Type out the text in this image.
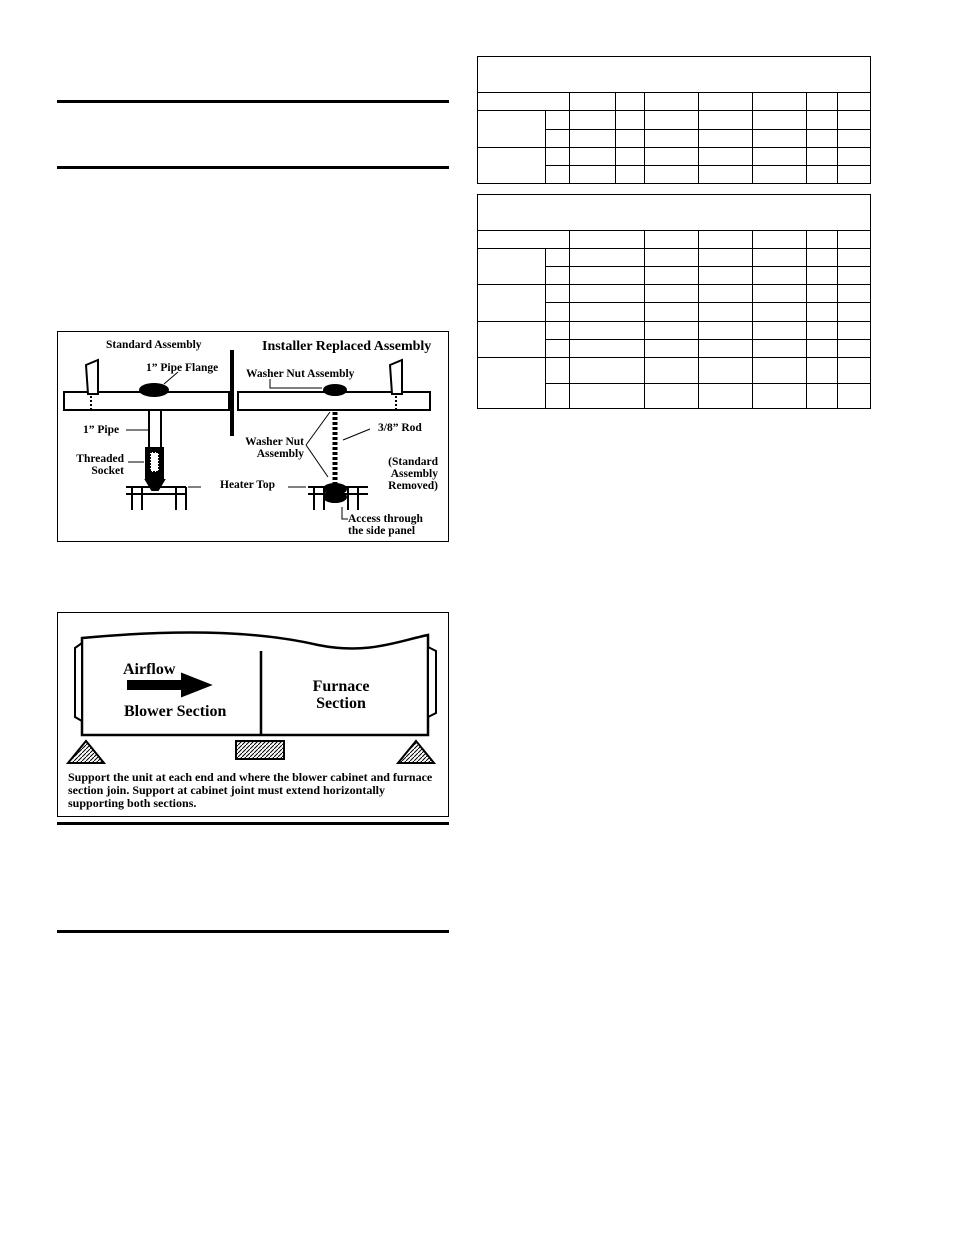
Standard Assembly	Installer Replaced Assembly
1” Pipe Flange Washer Nut Assembly
1” Pipe	3/8” Rod
Threaded Socket
Washer Nut Assembly
(Standard Assembly Removed)
Heater Top
Access through the side panel
Airflow
Blower Section
Furnace Section
Support the unit at each end and where the blower cabinet and furnace section join. Support at cabinet joint must extend horizontally supporting both sections.
